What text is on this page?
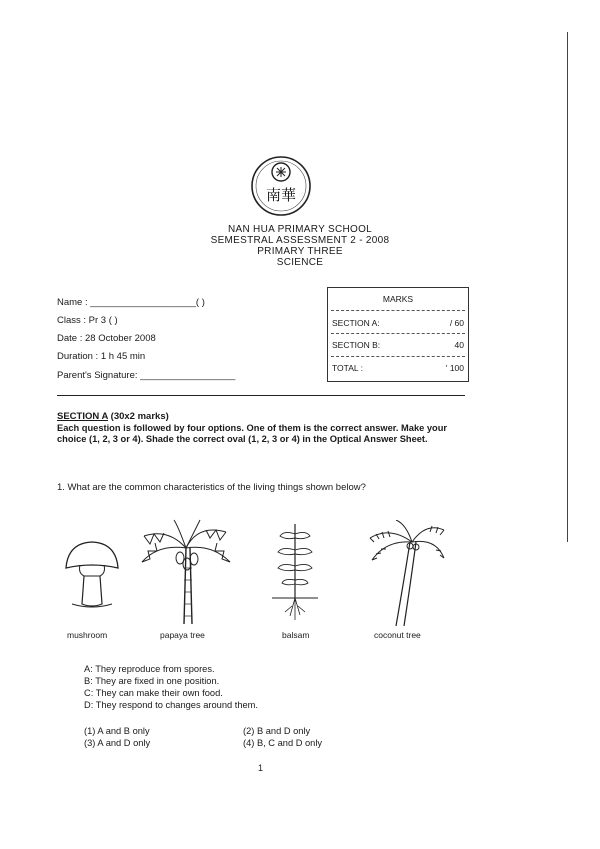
南華
NAN HUA PRIMARY SCHOOL
SEMESTRAL ASSESSMENT 2 - 2008
PRIMARY THREE
SCIENCE
Name : ____________________( )
Class : Pr 3 ( )
Date : 28 October 2008
Duration : 1 h 45 min
Parent's Signature: __________________
MARKS
SECTION A:	/ 60
SECTION B:	40
TOTAL :	' 100
SECTION A (30x2 marks)
Each question is followed by four options. One of them is the correct answer. Make your choice (1, 2, 3 or 4). Shade the correct oval (1, 2, 3 or 4) in the Optical Answer Sheet.
1. What are the common characteristics of the living things shown below?
mushroom	papaya tree	balsam	coconut tree
A: They reproduce from spores.
B: They are fixed in one position.
C: They can make their own food.
D: They respond to changes around them.
(1) A and B only	(2) B and D only
(3) A and D only	(4) B, C and D only
1
